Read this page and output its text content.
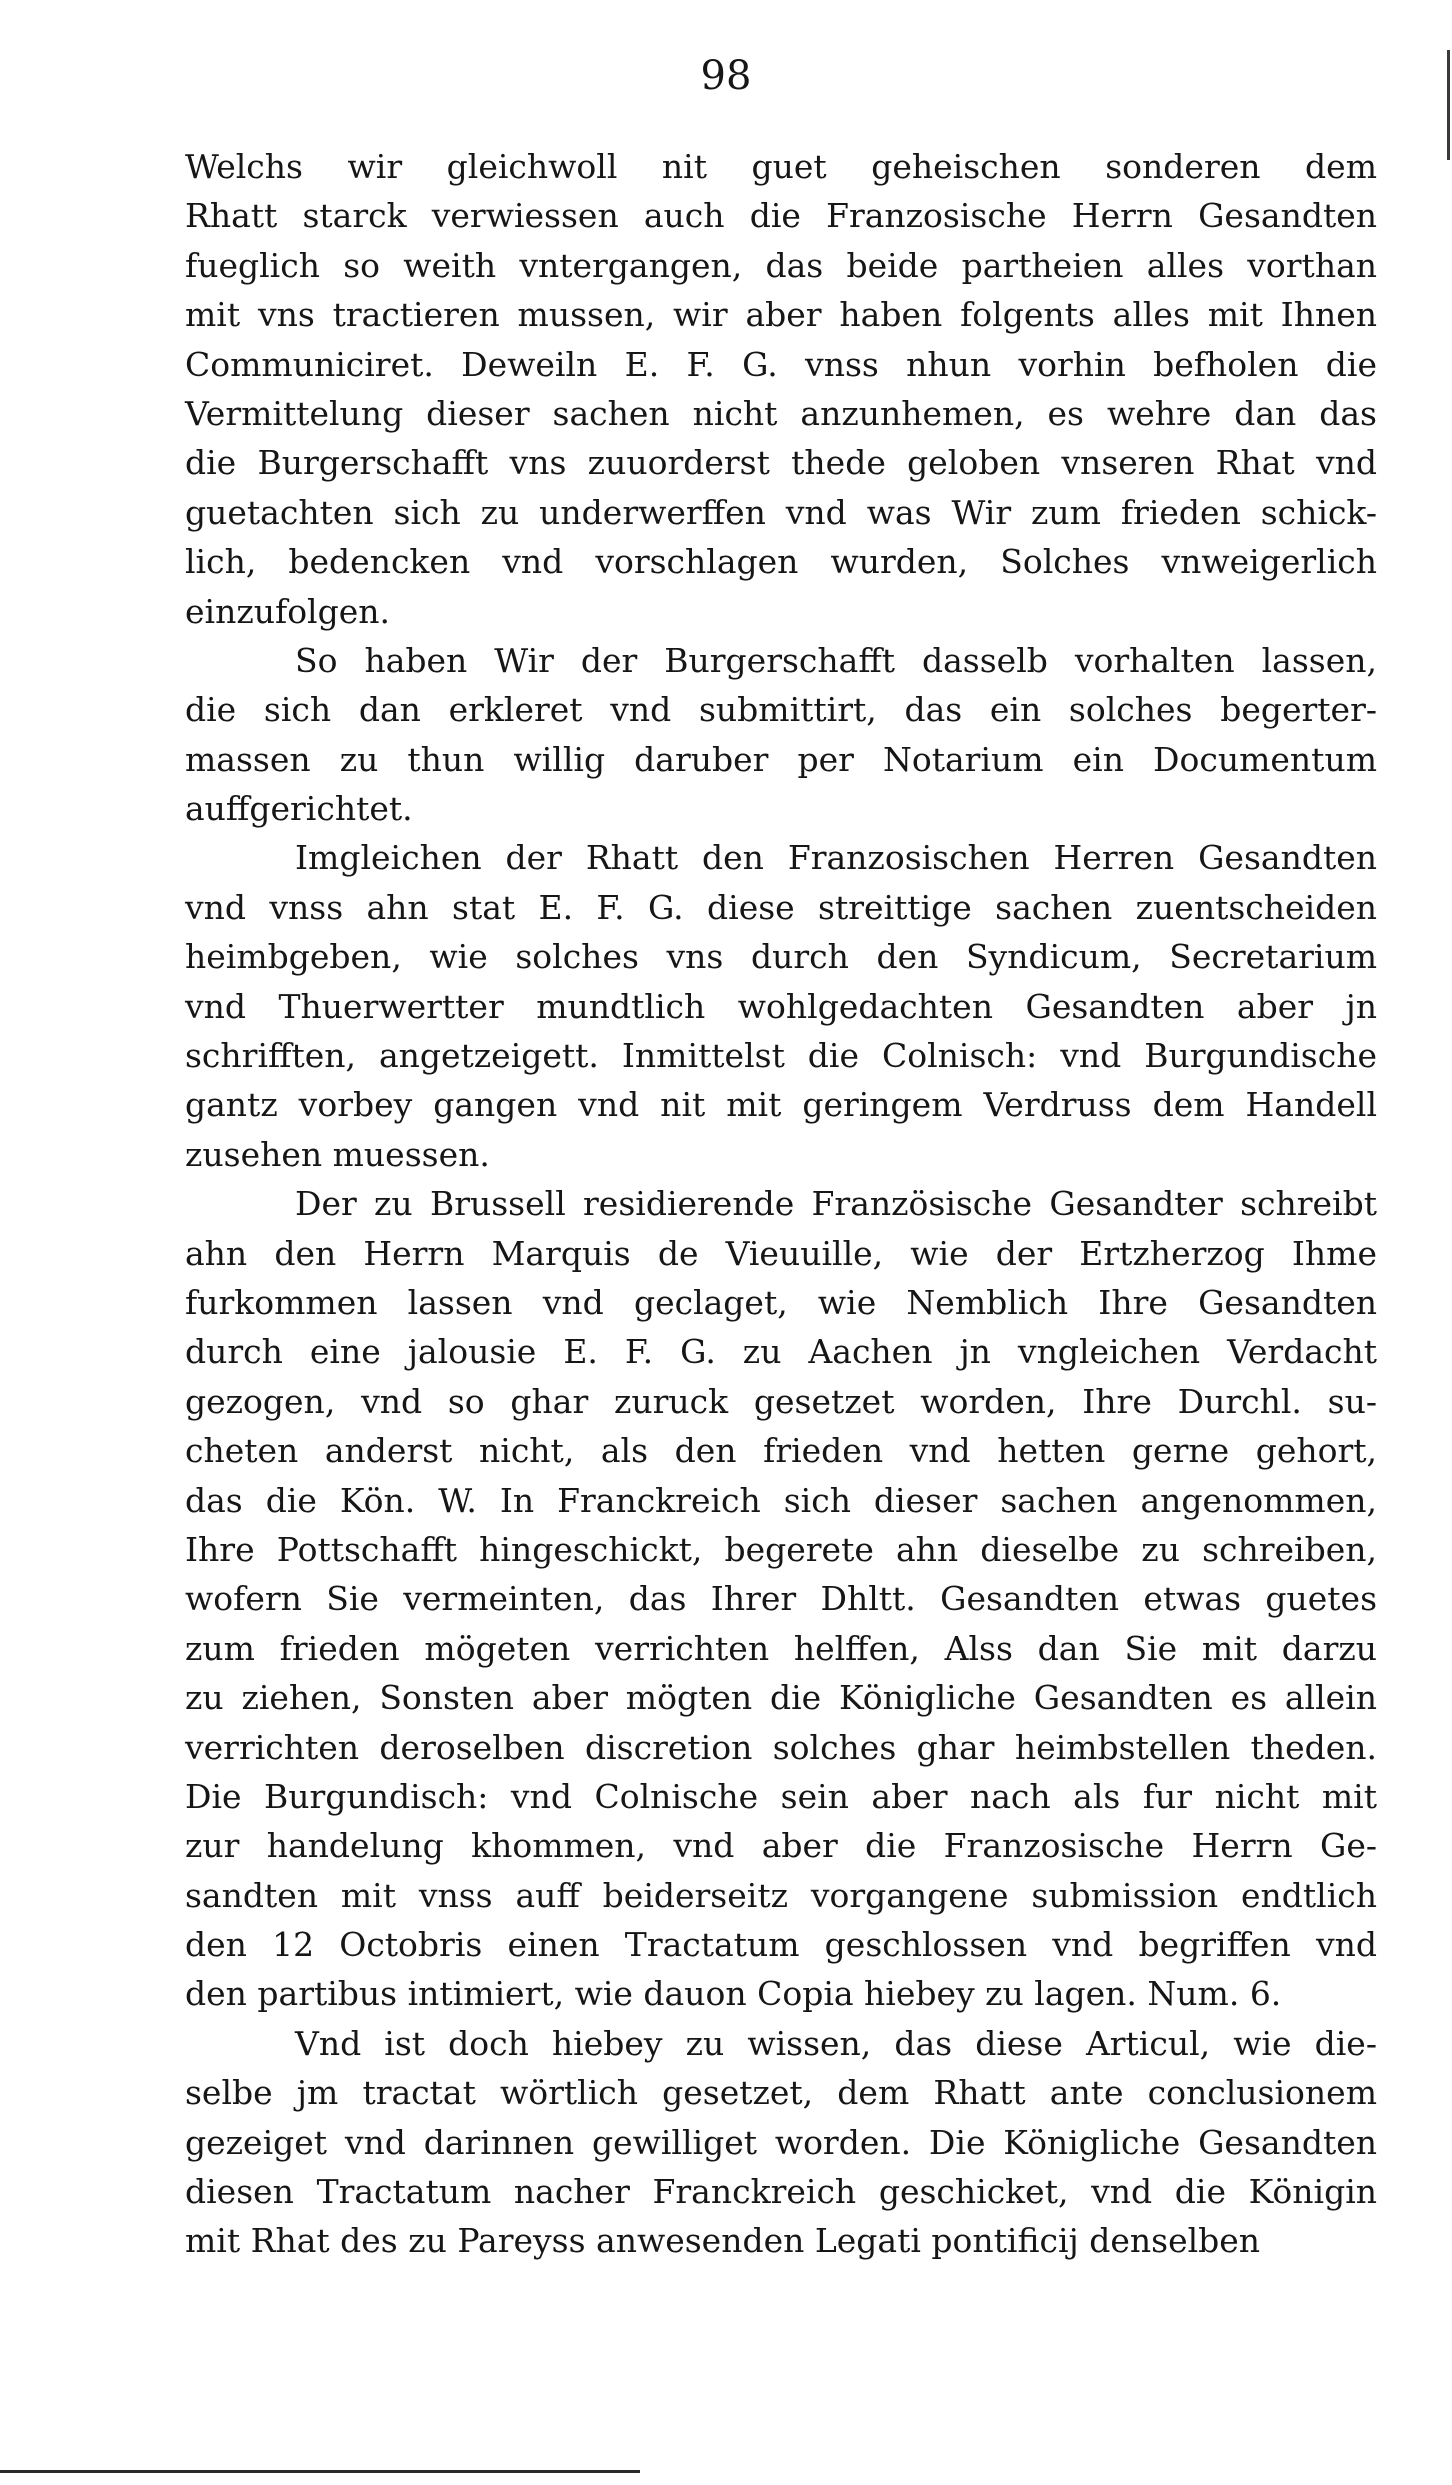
98
Welchs wir gleichwoll nit guet geheischen sonderen dem
Rhatt starck verwiessen auch die Franzosische Herrn Gesandten
fueglich so weith vntergangen, das beide partheien alles vorthan
mit vns tractieren mussen, wir aber haben folgents alles mit Ihnen
Communiciret. Deweiln E. F. G. vnss nhun vorhin befholen die
Vermittelung dieser sachen nicht anzunhemen, es wehre dan das
die Burgerschafft vns zuuorderst thede geloben vnseren Rhat vnd
guetachten sich zu underwerffen vnd was Wir zum frieden schick-
lich, bedencken vnd vorschlagen wurden, Solches vnweigerlich
einzufolgen.
So haben Wir der Burgerschafft dasselb vorhalten lassen,
die sich dan erkleret vnd submittirt, das ein solches begerter-
massen zu thun willig daruber per Notarium ein Documentum
auffgerichtet.
Imgleichen der Rhatt den Franzosischen Herren Gesandten
vnd vnss ahn stat E. F. G. diese streittige sachen zuentscheiden
heimbgeben, wie solches vns durch den Syndicum, Secretarium
vnd Thuerwertter mundtlich wohlgedachten Gesandten aber jn
schrifften, angetzeigett. Inmittelst die Colnisch: vnd Burgundische
gantz vorbey gangen vnd nit mit geringem Verdruss dem Handell
zusehen muessen.
Der zu Brussell residierende Französische Gesandter schreibt
ahn den Herrn Marquis de Vieuuille, wie der Ertzherzog Ihme
furkommen lassen vnd geclaget, wie Nemblich Ihre Gesandten
durch eine jalousie E. F. G. zu Aachen jn vngleichen Verdacht
gezogen, vnd so ghar zuruck gesetzet worden, Ihre Durchl. su-
cheten anderst nicht, als den frieden vnd hetten gerne gehort,
das die Kön. W. In Franckreich sich dieser sachen angenommen,
Ihre Pottschafft hingeschickt, begerete ahn dieselbe zu schreiben,
wofern Sie vermeinten, das Ihrer Dhltt. Gesandten etwas guetes
zum frieden mögeten verrichten helffen, Alss dan Sie mit darzu
zu ziehen, Sonsten aber mögten die Königliche Gesandten es allein
verrichten deroselben discretion solches ghar heimbstellen theden.
Die Burgundisch: vnd Colnische sein aber nach als fur nicht mit
zur handelung khommen, vnd aber die Franzosische Herrn Ge-
sandten mit vnss auff beiderseitz vorgangene submission endtlich
den 12 Octobris einen Tractatum geschlossen vnd begriffen vnd
den partibus intimiert, wie dauon Copia hiebey zu lagen. Num. 6.
Vnd ist doch hiebey zu wissen, das diese Articul, wie die-
selbe jm tractat wörtlich gesetzet, dem Rhatt ante conclusionem
gezeiget vnd darinnen gewilliget worden. Die Königliche Gesandten
diesen Tractatum nacher Franckreich geschicket, vnd die Königin
mit Rhat des zu Pareyss anwesenden Legati pontificij denselben
